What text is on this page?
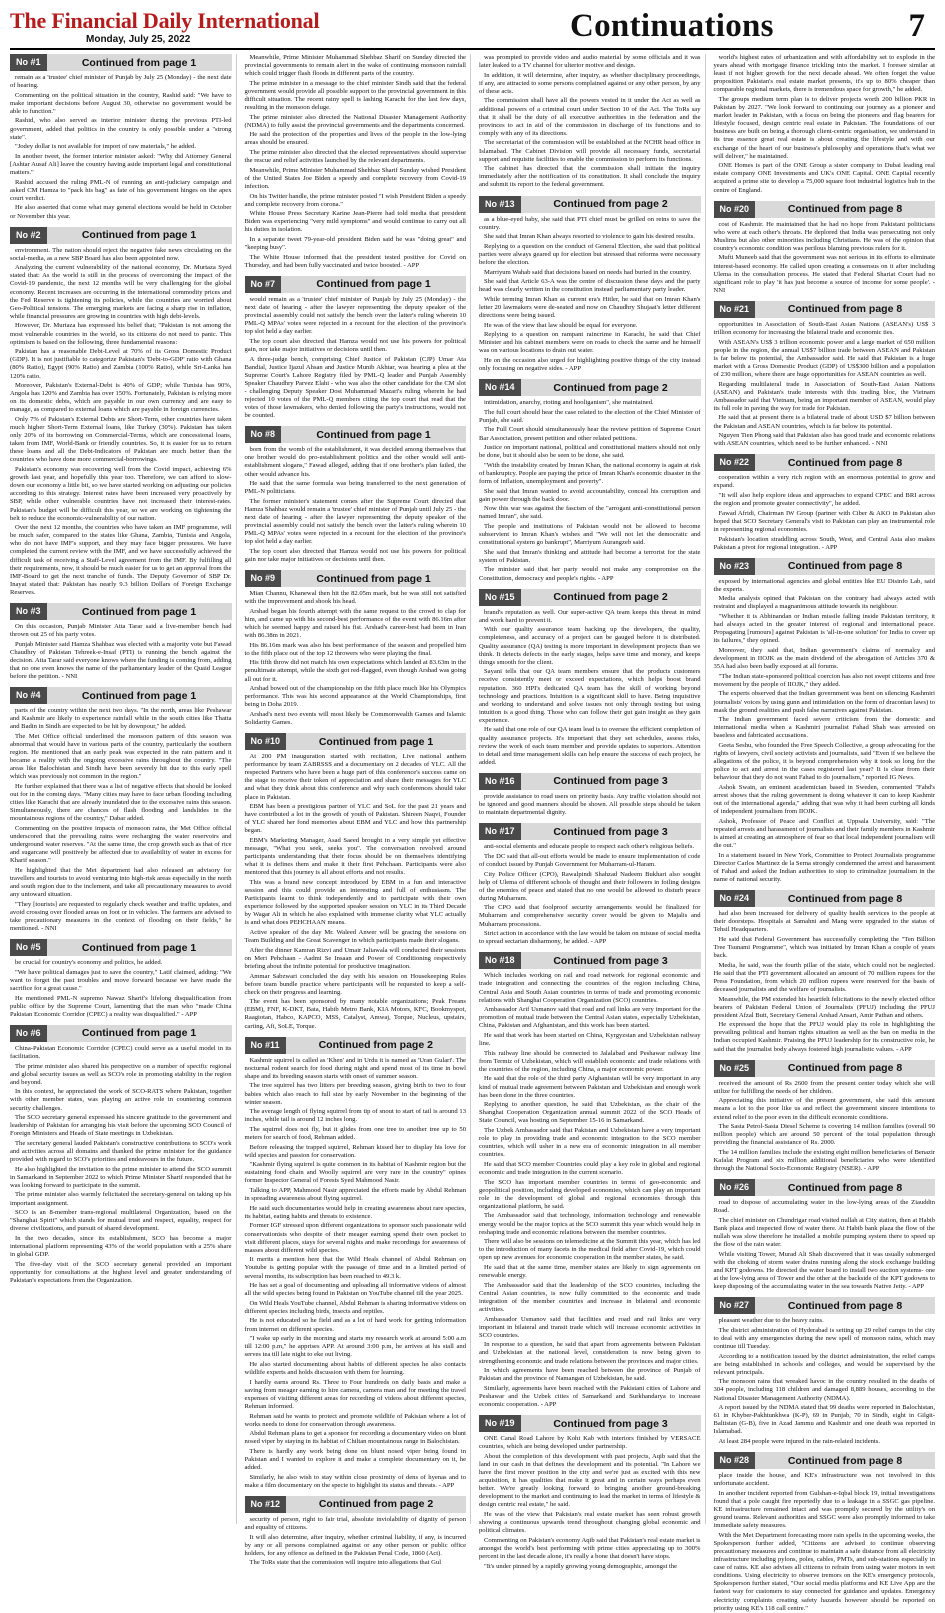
The Financial Daily International
Monday, July 25, 2022	Continuations	7
No #1	Continued from page 1

remain as a 'trustee' chief minister of Punjab by July 25 (Monday) - the next date of hearing.

Commenting on the political situation in the country, Rashid said: "We have to make important decisions before August 30, otherwise no government would be able to function."

Rashid, who also served as interior minister during the previous PTI-led government, added that politics in the country is only possible under a "strong state".

"Jodey dollar is not available for import of raw materials," he added.

In another tweet, the former interior minister asked: "Why did Attorney General [Ashtar Ausaf Ali] leave the country having aside important legal and constitutional matters."

Rashid accused the ruling PML-N of running an anti-judiciary campaign and asked CM Hamza to "pack his bag" as fate of his government hinges on the apex court verdict.

He also asserted that come what may general elections would be held in October or November this year.

No #2	Continued from page 1

environment. The nation should reject the negative fake news circulating on the social-media, as a new SBP Board has also been appointed now.

Analyzing the current vulnerability of the national economy, Dr. Murtaza Syed stated that: As the world is still in the process of overcoming the impact of the Covid-19 pandemic, the next 12 months will be very challenging for the global economy. Recent increases are occurring in the international commodity prices and the Fed Reserve is tightening its policies, while the countries are worried about Geo-Political tensions. The emerging markets are facing a sharp rise in inflation, while financial pressures are growing in countries with high debt-levels.

However, Dr. Murtaza has expressed his belief that; "Pakistan is not among the most vulnerable countries in the world, so its citizens do not need to panic. This optimism is based on the following, three fundamental reasons:

Pakistan has a reasonable Debt-Level at 70% of its Gross Domestic Product (GDP). It is not justifiable to categorize Pakistan's 'Debt-to-GDP' ratio with Ghana (80% Ratio), Egypt (90% Ratio) and Zambia (100% Ratio), while Sri-Lanka has 120% ratio.

Moreover, Pakistan's External-Debt is 40% of GDP; while Tunisia has 90%, Angola has 120% and Zambia has over 150%. Fortunately, Pakistan is relying more on its domestic debts, which are payable in our own currency and are easy to manage, as compared to external loans which are payable in foreign currencies.

Only 7% of Pakistan's External Debts are Short-Term, other countries have taken much higher Short-Term External loans, like Turkey (30%). Pakistan has taken only 20% of its borrowing on Commercial-Terms, which are concessional loans, taken from IMF, World-Bank or friendly countries. So, it is easier for us to return these loans and all the Debt-Indicators of Pakistan are much better than the countries who have done more commercial-borrowings.

Pakistan's economy was recovering well from the Covid impact, achieving 6% growth last year, and hopefully this year too. Therefore, we can afford to slow-down our economy a little bit, so we have started working on adjusting our policies according to this strategy. Interest rates have been increased very proactively by SBP, while other vulnerable countries have not increased their interest-rates. Pakistan's budget will be difficult this year, so we are working on tightening the belt to reduce the economic-vulnerability of our nation.

Over the next 12 months, the countries who have taken an IMF programme, will be much safer, compared to the states like Ghana, Zambia, Tunisia and Angola, who do not have IMF's support, and they may face bigger pressures. We have completed the current review with the IMF, and we have successfully achieved the difficult task of receiving a Staff-Level agreement from the IMF. By fulfilling all their requirements, now, it should be much easier for us to get an approval from the IMF-Board to get the next tranche of funds. The Deputy Governor of SBP Dr. Inayat stated that: Pakistan has nearly 9.3 billion Dollars of Foreign Exchange Reserves.

No #3	Continued from page 1

On this occasion, Punjab Minister Atta Tarar said a live-member bench had thrown out 25 of his party votes.

Punjab Minister said Hamza Shahbaz was elected with a majority vote but Fawad Chaudhry of Pakistan Tehreek-e-Insaf (PTI) is running the bench against the decision. Atta Tarar said everyone knows where the funding is coming from, adding that no one even knows the name of the parliamentary leader of the Quaid League before the petition. - NNI

No #4	Continued from page 1

parts of the country within the next two days. "In the north, areas like Peshawar and Kashmir are likely to experience rainfall while in the south cities like Thatta and Badin in Sindh are expected to be hit by downpour," he added.

The Met Office official underlined the monsoon pattern of this season was abnormal that would have in various parts of the country, particularly the southern region. He mentioned that an early peak was expected in the rain pattern and it became a reality with the ongoing excessive rains throughout the country. "The areas like Balochistan and Sindh have been severely hit due to this early spell which was previously not common in the region."

He further explained that there was a list of negative effects that should be looked out for in the coming days. "Many cities may have to face urban flooding including cities like Karachi that are already inundated due to the excessive rains this season. Simultaneously, there are chances of flash flooding and landslides in the mountainous regions of the country," Dabar added.

Commenting on the positive impacts of monsoon rains, the Met Office official underscored that the prevailing rains were recharging the water reservoirs and underground water reserves. "At the same time, the crop growth such as that of rice and sugarcane will positively be affected due to availability of water in excess for Kharif season."

He highlighted that the Met department had also released an advisory for travellers and tourists to avoid venturing into high-risk areas especially in the north and south region due to the inclement, and take all precautionary measures to avoid any untoward situation.

"They [tourists] are requested to regularly check weather and traffic updates, and avoid crossing over flooded areas on foot or in vehicles. The farmers are advised to take precautionary measures in the context of flooding on their fields," he mentioned. - NNI

No #5	Continued from page 1

be crucial for country's economy and politics, he added.

"We have political damages just to save the country," Latif claimed, adding: "We want to forget the past troubles and move forward because we have made the sacrifice for a great cause."

He mentioned PML-N supremo Nawaz Sharif's lifelong disqualification from public office by the Supreme Court, lamenting that the man who "made China Pakistan Economic Corridor (CPEC) a reality was disqualified." - APP

No #6	Continued from page 1

China-Pakistan Economic Corridor (CPEC) could serve as a useful model in its facilitation.

The prime minister also shared his perspective on a number of specific regional and global security issues as well as SCO's role in promoting stability in the region and beyond.

In this context, he appreciated the work of SCO-RATS where Pakistan, together with other member states, was playing an active role in countering common security challenges.

The SCO secretary general expressed his sincere gratitude to the government and leadership of Pakistan for arranging his visit before the upcoming SCO Council of Foreign Ministers and Heads of State meetings in Uzbekistan.

The secretary general lauded Pakistan's constructive contributions to SCO's work and activities across all domains and thanked the prime minister for the guidance provided with regard to SCO's priorities and endeavours in the future.

He also highlighted the invitation to the prime minister to attend the SCO summit in Samarkand in September 2022 to which Prime Minister Sharif responded that he was looking forward to participate in the summit.

The prime minister also warmly felicitated the secretary-general on taking up his important assignment.

SCO is an 8-member trans-regional multilateral Organization, based on the "Shanghai Spirit" which stands for mutual trust and respect, equality, respect for diverse civilizations, and pursuit of shared development.

In the two decades, since its establishment, SCO has become a major international platform representing 43% of the world population with a 25% share in global GDP.

The five-day visit of the SCO secretary general provided an important opportunity for consultations at the highest level and greater understanding of Pakistan's expectations from the Organization.

Meanwhile, Prime Minister Muhammad Shehbaz Sharif on Sunday directed the provincial governments to remain alert in the wake of continuing monsoon rainfall which could trigger flash floods in different parts of the country.

The prime minister in a message to the chief minister Sindh said that the federal government would provide all possible support to the provincial government in this difficult situation. The recent rainy spell is lashing Karachi for the last few days, resulting in the monsoon deluge.

The prime minister also directed the National Disaster Management Authority (NDMA) to fully assist the provincial governments and the departments concerned.

He said the protection of the properties and lives of the people in the low-lying areas should be ensured.

The prime minister also directed that the elected representatives should supervise the rescue and relief activities launched by the relevant departments.

Meanwhile, Prime Minister Muhammad Shehbaz Sharif Sunday wished President of the United States Joe Biden a speedy and complete recovery from Covid-19 infection.

On his Twitter handle, the prime minister posted "I wish President Biden a speedy and complete recovery from corona."

White House Press Secretary Karine Jean-Pierre had told media that president Biden was experiencing "very mild symptoms" and would continue to carry out all his duties in isolation.

In a separate tweet 79-year-old president Biden said he was "doing great" and "keeping busy".

The White House informed that the president tested positive for Covid on Thursday, and had been fully vaccinated and twice boosted. - APP

No #7	Continued from page 1

would remain as a 'trustee' chief minister of Punjab by July 25 (Monday) - the next date of hearing - after the lawyer representing the deputy speaker of the provincial assembly could not satisfy the bench over the latter's ruling wherein 10 PML-Q MPAs' votes were rejected in a recount for the election of the province's top slot held a day earlier.

The top court also directed that Hamza would not use his powers for political gain, nor take major initiatives or decisions until then.

A three-judge bench, comprising Chief Justice of Pakistan (CJP) Umar Ata Bandial, Justice Ijazul Ahsan and Justice Munib Akhtar, was hearing a plea at the Supreme Court's Lahore Registry filed by PML-Q leader and Punjab Assembly Speaker Chaudhry Parvez Elahi - who was also the other candidate for the CM slot - challenging Deputy Speaker Dost Muhammad Mazari's ruling wherein he had rejected 10 votes of the PML-Q members citing the top court that read that the votes of those lawmakers, who denied following the party's instructions, would not be counted.

No #8	Continued from page 1

born from the womb of the establishment, it was decided among themselves that one brother would do pro-establishment politics and the other would sell anti-establishment slogans," Fawad alleged, adding that if one brother's plan failed, the other would advance his.

He said that the same formula was being transferred to the next generation of PML-N politicians.

The former minister's statement comes after the Supreme Court directed that Hamza Shahbaz would remain a 'trustee' chief minister of Punjab until July 25 - the next date of hearing - after the lawyer representing the deputy speaker of the provincial assembly could not satisfy the bench over the latter's ruling wherein 10 PML-Q MPAs' votes were rejected in a recount for the election of the province's top slot held a day earlier.

The top court also directed that Hamza would not use his powers for political gain nor take major initiatives or decisions until then.

No #9	Continued from page 1

Mian Channu, Khanewal then hit the 82.05m mark, but he was still not satisfied with the improvement and shook his head.

Arshad began his fourth attempt with the same request to the crowd to clap for him, and came up with his second-best performance of the event with 86.16m after which he seemed happy and raised his fist. Arshad's career-best had been in Iran with 86.38m in 2021.

His 86.16m mark was also his best performance of the season and propelled him to the fifth place out of the top 12 throwers who were playing the final.

His fifth throw did not match his own expectations which landed at 83.63m in the penultimate attempt, while the sixth got red-flagged, even though Arshad was going all out for it.

Arshad bowed out of the championship on the fifth place much like his Olympics performance. This was his second appearance at the World Championships, first being in Doha 2019.

Arshad's next two events will most likely be Commonwealth Games and Islamic Solidarity Games.

No #10	Continued from page 1

At 200 PM inauguration started with recitation, Live national anthem performance by team ZABRSSS and a documentary on 2 decades of YLC. All the respected Partners who have been a huge part of this conference's success came on the stage to receive their token of appreciation and share their messages for YLC and what they think about this conference and why such conferences should take place in Pakistan.

EBM has been a prestigious partner of YLC and SoL for the past 21 years and have contributed a lot in the growth of youth of Pakistan. Shireen Naqvi, Founder of YLC shared her fond memories about EBM and YLC and how this partnership began.

EBM's Marketing Manager, Asad Saeed brought in a very simple yet effective message, "What you seek, seeks you". The conversation revolved around participants understanding that their focus should be on themselves identifying what it is defines them and make it their first Pehchaan. Participants were also mentored that this journey is all about efforts and not results.

This was a brand new concept introduced by EBM in a fun and interactive session and this could provide an interesting and full of enthusiasm. The Participants learnt to think independently and to participate with their own experience followed by the supported speaker session on YLC in its Third Decade by Wagar Ali in which he also explained with immense clarity what YLC actually is and what does PEHCHAAN means.

Active speaker of the day Mr. Waleed Anwer will be gracing the sessions on Team Building and the Great Scavenger in which participants made their slogans.

After the dinner Kamran Rizvi and Umair Jaliawala will conducted their sessions on Meri Pehchaan - Aadmi Se Insaan and Power of Conditioning respectively briefing about the infinite potential for productive imagination.

Ammar Sabzwari concluded the day with his session on Housekeeping Rules before team bundle practice where participants will be requested to keep a self-check on their progress and learning.

The event has been sponsored by many notable organizations; Peak Freans (EBM), FNF, K-DKT, Bata, Habib Metro Bank, KIA Motors, KFC, Bookmyspot, Raagiotan, Habco, KAPCO, MSS, Catalyst, Amwaj, Torque, Nucleus, upstairs, carting, Afi, SoLE, Torque.

No #11	Continued from page 2

Kashmir squirrel is called as 'Khen' and in Urdu it is named as 'Uran Gulari'. The nocturnal rodent search for food during night and spend most of its time in bowl shape and its breeding season starts with onset of summer season.

The tree squirrel has two litters per breeding season, giving birth to two to four babies which also reach to full size by early November in the beginning of the winter season.

The average length of flying squirrel from tip of snout to start of tail is around 13 inches, while tail is around 12 inches long.

The squirrel does not fly, but it glides from one tree to another tree up to 50 meters for search of food, Rehman added.

Before releasing the trapped squirrel, Rehman kissed her to display his love for wild species and passion for conservation.

"Kashmir flying squirrel is quite common in its habitat of Kashmir region but the sustaining food chain and Woolly squirrel are very rare in the country" opines former Inspector General of Forests Syed Mahmood Nasir.

Talking to APP, Mahmood Nasir appreciated the efforts made by Abdul Rehman in spreading awareness about flying squirrel.

He said such documentaries would help in creating awareness about rare species, its habitat, eating habits and threats to existence.

Former IGF stressed upon different organizations to sponsor such passionate wild conservationists who despite of their meager earning spend their own pocket to visit different places, stays for several nights and make recordings for awareness of masses about different wild species.

It merits a mention here that the Wild Heals channel of Abdul Rehman on Youtube is getting popular with the passage of time and in a limited period of several months, its subscription has been reached to 49.3 k.

He has set a goal of documenting and uploading all informative videos of almost all the wild species being found in Pakistan on YouTube channel till the year 2025.

On Wild Heals YouTube channel, Abdul Rehman is sharing informative videos on different species including birds, insects and reptiles.

He is not educated so he field and as a lot of hard work for getting information from internet on different species.

"I wake up early in the morning and starts my research work at around 5:00 a.m till 12:00 p.m," he apprises APP. At around 3:00 p.m, he arrives at his stall and serves tea till late night to eke out living.

He also started documenting about habits of different species he also contacts wildlife experts and holds discussion with them for learning.

I hardly earns around Rs. Three to Four hundreds on daily basis and make a saving from meager earning to hire camera, camera man and for meeting the travel expenses of visiting different areas for recording of videos about different species, Rehman informed.

Rehman said he wants to protect and promote wildlife of Pakistan where a lot of works needs to done for conservation through awareness.

Abdul Rehman plans to get a sponsor for recording a documentary video on blunt nosed viper by staying in its habitat of Chiltan mountainous range in Balochistan.

There is hardly any work being done on blunt nosed viper being found in Pakistan and I wanted to explore it and make a complete documentary on it, he added.

Similarly, he also wish to stay within close proximity of dens of hyenas and to make a film documentary on the specie to highlight its status and threats. - APP

No #12	Continued from page 2

security of person, right to fair trial, absolute inviolability of dignity of person and equality of citizens.

It will also determine, after inquiry, whether criminal liability, if any, is incurred by any or all persons complained against or any other person or public office holders, for any offence as defined in the Pakistan Penal Code, 1860 (Act).

The ToRs state that the commission will inquire into allegations that Gul

was prompted to provide video and audio material by some officials and it was later leaked to a TV channel for ulterior motive and design.

In addition, it will determine, after inquiry, as whether disciplinary proceedings, if any, are attracted to some persons complained against or any other person, by any of these acts.

The commission shall have all the powers vested in it under the Act as well as additional powers of a criminal court under Section 10 of the Act. The ToRs say that it shall be the duty of all executive authorities in the federation and the provinces to act in aid of the commission in discharge of its functions and to comply with any of its directions.

The secretariat of the commission will be established at the NCHR head office in Islamabad. The Cabinet Division will provide all necessary funds, secretarial support and requisite facilities to enable the commission to perform its functions.

The cabinet has directed that the commission shall initiate the inquiry immediately after the notification of its constitution. It shall conclude the inquiry and submit its report to the federal government.

No #13	Continued from page 2

as a blue-eyed baby, she said that PTI chief must be grilled on reins to save the country.

She said that Imran Khan always resorted to violence to gain his desired results.

Replying to a question on the conduct of General Election, she said that political parties were always geared up for election but stressed that reforms were necessary before the election.

Marriyum Wahab said that decisions based on needs had buried in the country.

She said that Article 63-A was the centre of discussion these days and the party head was clearly written in the constitution instead parliamentary party leader.

While terming Imran Khan as current era's Hitler, he said that on Imran Khan's letter 20 lawmakers were de-seated and now on Chaudhry Shujaat's letter different directions were being issued.

He was of the view that law should be equal for everyone.

Replying to a question on rampant raincrime in Karachi, he said that Chief Minister and his cabinet members were on roads to check the same and he himself was on various locations to drain out water.

He on the occasion also urged for highlighting positive things of the city instead only focusing on negative sides. - APP

No #14	Continued from page 2

intimidation, anarchy, rioting and hooliganism", she maintained.

The full court should hear the case related to the election of the Chief Minister of Punjab, she said.

The Full Court should simultaneously hear the review petition of Supreme Court Bar Association, present petition and other related petitions.

Justice on important national, political and constitutional matters should not only be done, but it should also be seen to be done, she said.

"With the instability created by Imran Khan, the national economy is again at risk of bankruptcy. People are paying the price of Imran Khan's economic disaster in the form of inflation, unemployment and poverty".

She said that Imran wanted to avoid accountability, conceal his corruption and gain power through the back door.

Now this war was against the fascism of the "arrogant anti-constitutional person named Imran", she said.

The people and institutions of Pakistan would not be allowed to become subservient to Imran Khan's wishes and "We will not let the democratic and constitutional system go bankrupt", Marriyum Aurangzeb said.

She said that Imran's thinking and attitude had become a terrorist for the state system of Pakistan.

The minister said that her party would not make any compromise on the Constitution, democracy and people's rights. - APP

No #15	Continued from page 2

brand's reputation as well. Our super-active QA team keeps this threat in mind and work hard to prevent it.

With our quality assurance team backing up the developers, the quality, completeness, and accuracy of a project can be gauged before it is distributed. Quality assurance (QA) testing is more important in development projects than we think. It detects defects in the early stages, helps save time and money, and keeps things smooth for the client.

Sayani tells that our QA team members ensure that the products customers receive consistently meet or exceed expectations, which helps boost brand reputation. 360 HPI's dedicated QA team has the skill of working beyond technology and practices. Intuition is a significant skill to have. Being inquisitive and working to understand and solve issues not only through testing but using intuition is a good thing. Those who can follow their gut gain insight as they gain experience.

He said that one role of our QA team lead is to oversee the efficient completion of quality assurance projects. It's important that they set schedules, assess risks, review the work of each team member and provide updates to superiors. Attention to detail and time management skills can help ensure the success of each project, he added.

No #16	Continued from page 3

provide assistance to road users on priority basis. Any traffic violation should not be ignored and good manners should be shown. All possible steps should be taken to maintain departmental dignity.

No #17	Continued from page 3

anti-social elements and educate people to respect each other's religious beliefs.

The DC said that all-out efforts would be made to ensure implementation of code of conduct issued by Punjab Government for Muharram-ul-Haram.

City Police Officer (CPO), Rawalpindi Shahzad Nadeem Bukhari also sought help of Ulema of different schools of thought and their followers in foiling designs of the enemies of peace and stated that no one would be allowed to disturb peace during Muharram.

The CPO said that foolproof security arrangements would be finalized for Muharram and comprehensive security cover would be given to Majalis and Muharram processions.

Strict action in accordance with the law would be taken on misuse of social media to spread sectarian disharmony, he added. - APP

No #18	Continued from page 3

Which includes working on rail and road network for regional economic and trade integration and connecting the countries of the region including China, Central Asia and South Asian countries in terms of trade and promoting economic relations with Shanghai Cooperation Organization (SCO) countries.

Ambassador Arif Usmanov said that road and rail links are very important for the promotion of mutual trade between the Central Asian states, especially Uzbekistan, China, Pakistan and Afghanistan, and this work has been started.

He said that work has been started on China, Kyrgyzstan and Uzbekistan railway line.

This railway line should be connected to Jalalabad and Peshawar railway line from Termiz of Uzbekistan, which will establish economic and trade relations with the countries of the region, including China, a major economic power.

He said that the role of the third party Afghanistan will be very important in any kind of mutual trade agreement between Pakistan and Uzbekistan and enough work has been done in the three countries.

Replying to another question, he said that Uzbekistan, as the chair of the Shanghai Cooperation Organization annual summit 2022 of the SCO Heads of State Council, was hosting on September 15-16 in Samarkand.

The Uzbek Ambassador said that Pakistan and Uzbekistan have a very important role to play in providing trade and economic integration to the SCO member countries, which will usher in a new era of economic integration in all member countries.

He said that SCO member Countries could play a key role in global and regional economic and trade integration in the current scenario.

The SCO has important member countries in terms of geo-economic and geopolitical position, including developed economies, which can play an important role in the development of global and regional economies through this organizational platform, he said.

The Ambassador said that technology, information technology and renewable energy would be the major topics at the SCO summit this year which would help in reshaping trade and economic relations between the member countries.

There will also be sessions on telemedicine at the Summit this year, which has led to the introduction of many facets in the medical field after Covid-19, which could open up new avenues for economic cooperation in the member states, he said.

He said that at the same time, member states are likely to sign agreements on renewable energy.

The Ambassador said that the leadership of the SCO countries, including the Central Asian countries, is now fully committed to the economic and trade integration of the member countries and increase in bilateral and economic activities.

Ambassador Usmanov said that facilities and road and rail links are very important in bilateral and transit trade which will increase economic activities in SCO countries.

In response to a question, he said that apart from agreements between Pakistan and Uzbekistan at the national level, consideration is now being given to strengthening economic and trade relations between the provinces and major cities.

In which agreements have been reached between the province of Punjab of Pakistan and the province of Namangan of Uzbekistan, he said.

Similarly, agreements have been reached with the Pakistani cities of Lahore and Peshawar and the Uzbek cities of Samarkand and Surkhandarya to increase economic cooperation. - APP

No #19	Continued from page 3

ONE Canal Road Lahore by Kohi Kab with interiors finished by VERSACE countries, which are being developed under partnership.

About the completion of this development with past projects, Aqib said that the land in our cash in that defines the development and its potential. "In Lahore we have the first mover position in the city and we're just as excited with this new acquisition, it has qualities that make it great and in certain ways perhaps even better. We're greatly looking forward to bringing another ground-breaking development to the market and continuing to lead the market in terms of lifestyle & design centric real estate," he said.

He was of the view that Pakistan's real estate market has seen robust growth showing a continuous upwards trend throughout changing global economic and political climates.

Commenting on Pakistan's economy Aqib said that Pakistan's real estate market is amongst the world's best performing with prime cities appreciating up to 300% percent in the last decade alone, it's really a bone that doesn't have stops.

"It's under pinned by a rapidly growing young demographic, amongst the

world's highest rates of urbanization and with affordability set to explode in the years ahead with mortgage finance trickling into the market. I foresee similar at least if not higher growth for the next decade ahead. We often forget the value proposition Pakistan's real estate market presents, it's up to 80% cheaper than comparable regional markets, there is tremendous space for growth," he added.

The groups medium term plan is to deliver projects worth 200 billion PKR in Pakistan by 2027. "We look forward to continuing our journey as a pioneer and market leader in Pakistan, with a focus on being the pioneers and flag bearers for lifestyle focused, design centric real estate in Pakistan. The foundations of our business are built on being a thorough client-centric organisation, we understand in its true essence great real estate is about creating the lifestyle and with our exchange of the heart of our business's philosophy and operations that's what we will deliver," he maintained.

ONE Homes is part of the ONE Group a sister company to Dubai leading real estate company ONE Investments and UK's ONE Capital. ONE Capital recently acquired a prime site to develop a 75,000 square foot industrial logistics hub in the centre of England.

No #20	Continued from page 8

cost of Kashmir. He maintained that he had no hope from Pakistani politicians who were at each other's throats. He deplored that India was persecuting not only Muslims but also other minorities including Christians. He was of the opinion that country's economic condition was perilous blaming previous rulers for it.

Mufti Muneeb said that the government was not serious in its efforts to eliminate interest-based economy. He called upon creating a consensus on it after including Ulema in the consultation process. He stated that Federal Shariat Court had no significant role to play 'it has just become a source of income for some people'. - NNI

No #21	Continued from page 8

opportunities in Association of South-East Asian Nations (ASEAN's) US$ 3 trillion economy for increasing the bilateral trade and economic ties.

With ASEAN's US$ 3 trillion economic power and a large market of 650 million people in the region, the annual US$7 billion trade between ASEAN and Pakistan is far below its potential, the Ambassador said. He said that Pakistan is a huge market with a Gross Domestic Product (GDP) of US$300 billion and a population of 230 million, where there are huge opportunities for ASEAN countries as well.

Regarding multilateral trade in Association of South-East Asian Nations (ASEAN) and Pakistan's trade interests with this trading bloc, the Vietnam Ambassador said that Vietnam, being an important member of ASEAN, would play its full role in paving the way for trade for Pakistan.

He said that at present there is a bilateral trade of about USD $7 billion between the Pakistan and ASEAN countries, which is far below its potential.

Nguyen Tien Phong said that Pakistan also has good trade and economic relations with ASEAN countries, which need to be further enhanced. - NNI

No #22	Continued from page 8

cooperation within a very rich region with an enormous potential to grow and expand.

"It will also help explore ideas and approaches to expand CPEC and BRI across the region and promote greater connectivity", he added.

Fawad Afridi, Chairman IW Group (partner with Ciber & AKO in Pakistan also hoped that SCO Secretary General's visit to Pakistan can play an instrumental role in representing regional economies.

Pakistan's location straddling across South, West, and Central Asia also makes Pakistan a pivot for regional integration. - APP

No #23	Continued from page 8

exposed by international agencies and global entities like EU Disinfo Lab, said the experts.

Media analysts opined that Pakistan on the contrary had always acted with restraint and displayed a magnanimous attitude towards its neighbour.

"Whether it is Abhinandan or Indian missile falling inside Pakistan territory, it had always acted in the greater interest of regional and international peace. Propagating [rumours] against Pakistan is 'all-in-one solution' for India to cover up its failures," they opined.

Moreover, they said that, Indian government's claims of normalcy and development in IIOJK as the main dividend of the abrogation of Articles 370 & 35A had also been badly exposed at all forums.

"The Indian state-sponsored political coercion has also not swept citizens and free movement by the people of IIOJK," they added.

The experts observed that the Indian government was bent on silencing Kashmiri journalists' voices by using gunn and intimidation on the form of draconian laws) to mask the ground realities and push false narratives against Pakistan.

The Indian government faced severe criticism from the domestic and international media when a Kashmiri journalist Fahad Shah was arrested on baseless and fabricated accusations.

Geeta Seshu, who founded the Free Speech Collective, a group advocating for the rights of lawyers, civil society activists and journalists, said "Even if we believe the allegations of the police, it is beyond comprehension why it took so long for the police to act and arrest in the cases registered last year? It is clear from their behaviour that they do not want Fahad to do journalism," reported IG News.

Ashok Swain, an eminent academician based in Sweden, commented "Fahd's arrest shows that the ruling government is doing whatever it can to keep Kashmir out of the international agenda," adding that was why it had been curbing all kinds of independent journalism from IIOJK.

Ashok, Professor of Peace and Conflict at Uppsala University, said: "The repeated arrests and harassment of journalists and their family members in Kashmir is aimed at creating an atmosphere of fear so that local independent journalism will die out."

In a statement issued in New York, Committee to Protect Journalists programme Director Carlos Martinez de la Serna strongly condemned the arrest and harassment of Fahad and asked the Indian authorities to stop to criminalize journalism in the name of national security.

No #24	Continued from page 8

had also been increased for delivery of quality health services to the people at their doorsteps. Hospitals at Samahni and Mang were upgraded to the status of Tehsil Headquarters.

He said that Federal Government has successfully completing the "Ten Billion Tree Tsunami Programme", which was initiated by Imran Khan a couple of years back.

Media, he said, was the fourth pillar of the state, which could not be neglected. He said that the PTI government allocated an amount of 70 million rupees for the Press Foundation, from which 20 million rupees were reserved for the basis of deceased journalists and the welfare of journalists.

Meanwhile, the PM extended his heartfelt felicitations to the newly elected office bearers of Pakistan Federal Union of Journalists (PFUJ) including the PFUJ president Afzal Butt, Secretary General Arshad Ansari, Amir Pathan and others.

He expressed the hope that the PFUJ would play its role in highlighting the prevailing political and human rights situation as well as the ban on media in the Indian occupied Kashmir. Praising the PFUJ leadership for its constructive role, he said that the journalist body always fostered high journalistic values. - APP

No #25	Continued from page 8

received the amount of Rs 2600 from the present center today which she will utilize for fulfilling the needs of her children.

Appreciating this initiative of the present government, she said this amount means a lot to the poor like us and reflect the government sincere intentions to extend relief to the poor even in the difficult economic conditions.

The Sasta Petrol-Sasta Diesel Scheme is covering 14 million families (overall 90 million people) which are around 50 percent of the total population through providing the financial assistance of Rs. 2000.

The 14 million families include the existing eight million beneficiaries of Benazir Kafalat Program and six million additional beneficiaries who were identified through the National Socio-Economic Registry (NSER). - APP

No #26	Continued from page 8

road to dispose of accumulating water in the low-lying areas of the Ziauddin Road.

The chief minister on Chundrigar road visited nullah at City station, then at Habib Bank plaza and inspected flow of water there. At Habib bank plaza the flow of the nullah was slow therefore he installed a mobile pumping system there to speed up the flow of the rain water.

While visiting Tower, Murad Ali Shah discovered that it was usually submerged with the choking of storm water drains running along the stock exchange building and KPT godowns. He directed the water board to install two suction systems- one at the low-lying area of Tower and the other at the backside of the KPT godowns to keep disposing of the accumulating water in the sea towards Native Jetty. - APP

No #27	Continued from page 8

pleasant weather due to the heavy rains.

The district administration of Hyderabad is setting up 29 relief camps in the city to deal with any emergencies during the new spell of monsoon rains, which may continue till Tuesday.

According to a notification issued by the district administration, the relief camps are being established in schools and colleges, and would be supervised by the relevant principals.

The monsoon rains that wreaked havoc in the country resulted in the deaths of 304 people, including 118 children and damaged 8,889 houses, according to the National Disaster Management Authority (NDMA).

A report issued by the NDMA stated that 99 deaths were reported in Balochistan, 61 in Khyber-Pakhtunkhwa (K-P), 69 in Punjab, 70 in Sindh, eight in Gilgit-Baltistan (G-B), five in Azad Jammu and Kashmir and one death was reported in Islamabad.

At least 284 people were injured in the rain-related incidents.

No #28	Continued from page 8

place inside the house, and KE's infrastructure was not involved in this unfortunate accident.

In another incident reported from Gulshan-e-Iqbal block 19, initial investigations found that a pole caught fire reportedly due to a leakage in a SSGC gas pipeline. KE infrastructure remained intact and was promptly secured by the utility's on ground teams. Relevant authorities and SSGC were also promptly informed to take immediate safety measures.

With the Met Department forecasting more rain spells in the upcoming weeks, the Spokesperson further added, "Citizens are advised to continue observing precautionary measures and continue to maintain a safe distance from all electricity infrastructure including pylons, poles, cables, PMTs, and sub-stations especially in case of rains. KE also advises all citizens to refrain from using water motors in wet conditions. Using electricity to observe tremors on the KE's emergency protocols, Spokesperson further stated, "Our social media platforms and KE Live App are the fastest way for customers to stay connected for guidance and updates. Emergency electricity complaints creating safety hazards however should be reported on priority using KE's 118 call centre."
